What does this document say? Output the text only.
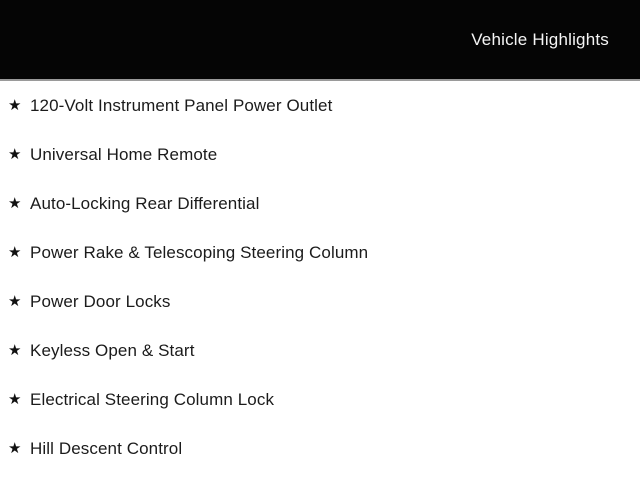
Vehicle Highlights
★ 120-Volt Instrument Panel Power Outlet
★ Universal Home Remote
★ Auto-Locking Rear Differential
★ Power Rake & Telescoping Steering Column
★ Power Door Locks
★ Keyless Open & Start
★ Electrical Steering Column Lock
★ Hill Descent Control
